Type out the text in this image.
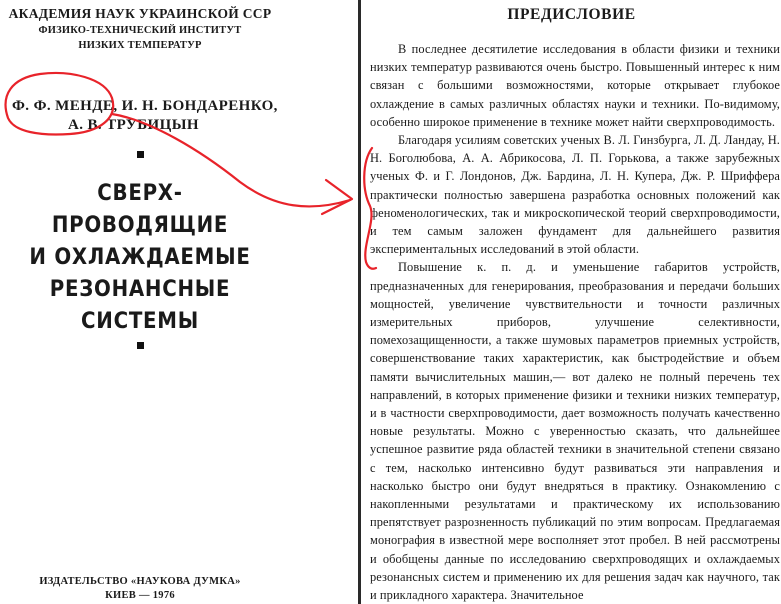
АКАДЕМИЯ НАУК УКРАИНСКОЙ ССР
ФИЗИКО-ТЕХНИЧЕСКИЙ ИНСТИТУТ
НИЗКИХ ТЕМПЕРАТУР
Ф. Ф. МЕНДЕ, И. Н. БОНДАРЕНКО,
А. В. ТРУБИЦЫН
СВЕРХ-
ПРОВОДЯЩИЕ
И ОХЛАЖДАЕМЫЕ
РЕЗОНАНСНЫЕ
СИСТЕМЫ
ИЗДАТЕЛЬСТВО «НАУКОВА ДУМКА»
КИЕВ — 1976
ПРЕДИСЛОВИЕ

В последнее десятилетие исследования в области физики и техники низких температур развиваются очень быстро. Повышенный интерес к ним связан с большими возможностями, которые открывает глубокое охлаждение в самых различных областях науки и техники. По-видимому, особенно широкое применение в технике может найти сверхпроводимость.

Благодаря усилиям советских ученых В. Л. Гинзбурга, Л. Д. Ландау, Н. Н. Боголюбова, А. А. Абрикосова, Л. П. Горькова, а также зарубежных ученых Ф. и Г. Лондонов, Дж. Бардина, Л. Н. Купера, Дж. Р. Шриффера практически полностью завершена разработка основных положений как феноменологических, так и микроскопической теорий сверхпроводимости, и тем самым заложен фундамент для дальнейшего развития экспериментальных исследований в этой области.

Повышение к. п. д. и уменьшение габаритов устройств, предназначенных для генерирования, преобразования и передачи больших мощностей, увеличение чувствительности и точности различных измерительных приборов, улучшение селективности, помехозащищенности, а также шумовых параметров приемных устройств, совершенствование таких характеристик, как быстродействие и объем памяти вычислительных машин,— вот далеко не полный перечень тех направлений, в которых применение физики и техники низких температур, и в частности сверхпроводимости, дает возможность получать качественно новые результаты. Можно с уверенностью сказать, что дальнейшее успешное развитие ряда областей техники в значительной степени связано с тем, насколько интенсивно будут развиваться эти направления и насколько быстро они будут внедряться в практику. Ознакомлению с накопленными результатами и практическому их использованию препятствует разрозненность публикаций по этим вопросам. Предлагаемая монография в известной мере восполняет этот пробел. В ней рассмотрены и обобщены данные по исследованию сверхпроводящих и охлаждаемых резонансных систем и применению их для решения задач как научного, так и прикладного характера. Значительное
